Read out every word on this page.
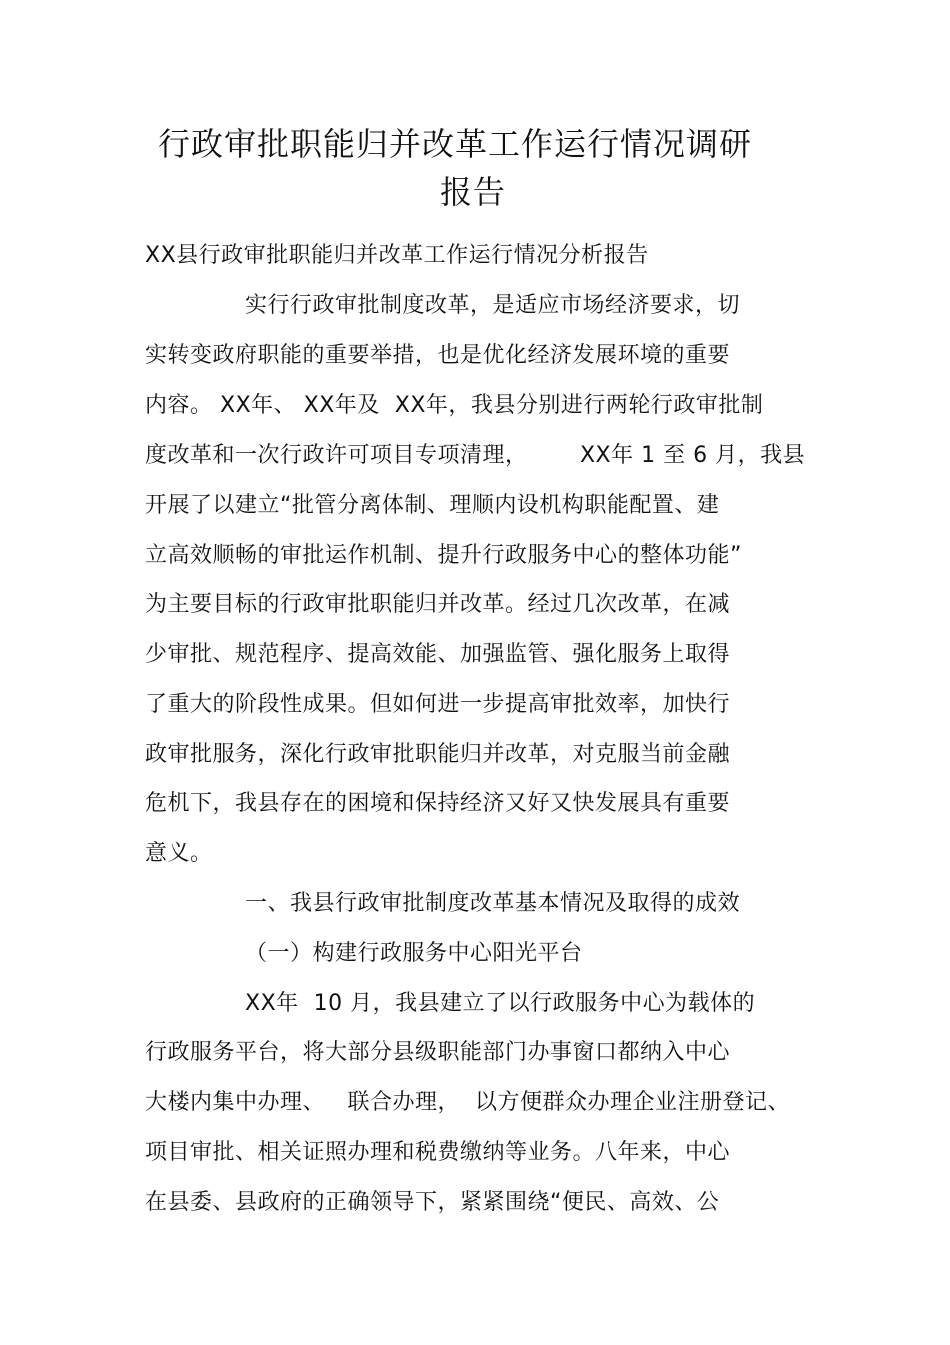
行政审批职能归并改革工作运行情况调研
报告
XX县行政审批职能归并改革工作运行情况分析报告
实行行政审批制度改革，是适应市场经济要求，切
实转变政府职能的重要举措，也是优化经济发展环境的重要
内容。 XX年、 XX年及  XX年，我县分别进行两轮行政审批制
度改革和一次行政许可项目专项清理，       XX年 1 至 6 月，我县
开展了以建立“批管分离体制、理顺内设机构职能配置、建
立高效顺畅的审批运作机制、提升行政服务中心的整体功能”
为主要目标的行政审批职能归并改革。经过几次改革，在减
少审批、规范程序、提高效能、加强监管、强化服务上取得
了重大的阶段性成果。但如何进一步提高审批效率，加快行
政审批服务，深化行政审批职能归并改革，对克服当前金融
危机下，我县存在的困境和保持经济又好又快发展具有重要
意义。
一、我县行政审批制度改革基本情况及取得的成效
（一）构建行政服务中心阳光平台
XX年  10 月，我县建立了以行政服务中心为载体的
行政服务平台，将大部分县级职能部门办事窗口都纳入中心
大楼内集中办理、   联合办理，  以方便群众办理企业注册登记、
项目审批、相关证照办理和税费缴纳等业务。八年来，中心
在县委、县政府的正确领导下，紧紧围绕“便民、高效、公
